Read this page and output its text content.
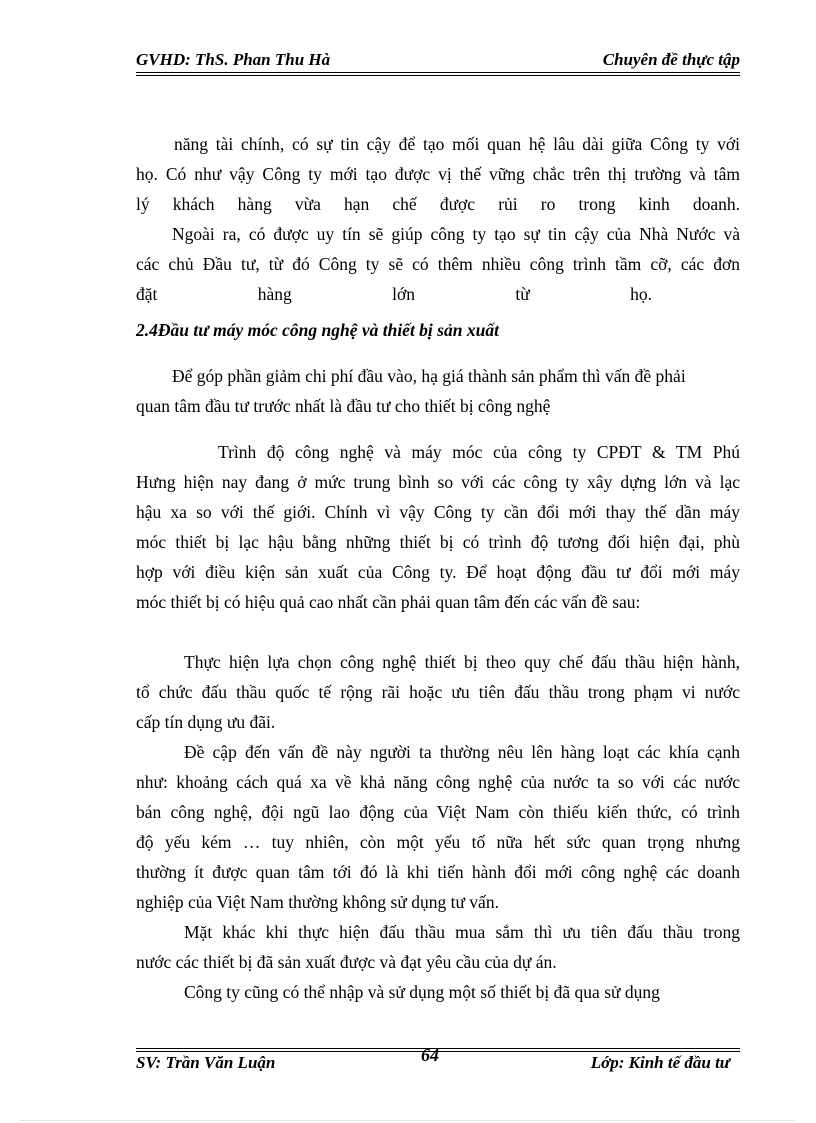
GVHD: ThS. Phan Thu Hà	Chuyên đề thực tập
năng tài chính, có sự tin cậy để tạo mối quan hệ lâu dài giữa Công ty với
họ. Có như vậy Công ty mới tạo được vị thế vững chắc trên thị trường và tâm
lý khách hàng vừa hạn chế được rủi ro trong kinh doanh.
Ngoài ra, có được uy tín sẽ giúp công ty tạo sự tin cậy của Nhà Nước và
các chủ Đầu tư, từ đó Công ty sẽ có thêm nhiều công trình tầm cỡ, các đơn
đặt hàng lớn từ họ.
2.4Đầu tư máy móc công nghệ và thiết bị sản xuất
Để góp phần giảm chi phí đầu vào, hạ giá thành sản phẩm thì vấn đề phải
quan tâm đầu tư trước nhất là đầu tư cho thiết bị công nghệ
Trình độ công nghệ và máy móc của công ty CPĐT & TM Phú
Hưng hiện nay đang ở mức trung bình so với các công ty xây dựng lớn và lạc
hậu xa so với thế giới. Chính vì vậy Công ty cần đổi mới thay thế dần máy
móc thiết bị lạc hậu bằng những thiết bị có trình độ tương đối hiện đại, phù
hợp với điều kiện sản xuất của Công ty. Để hoạt động đầu tư đổi mới máy
móc thiết bị có hiệu quả cao nhất cần phải quan tâm đến các vấn đề sau:
Thực hiện lựa chọn công nghệ thiết bị theo quy chế đấu thầu hiện hành,
tổ chức đấu thầu quốc tế rộng rãi hoặc ưu tiên đấu thầu trong phạm vi nước
cấp tín dụng ưu đãi.
Đề cập đến vấn đề này người ta thường nêu lên hàng loạt các khía cạnh
như: khoảng cách quá xa về khả năng công nghệ của nước ta so với các nước
bán công nghệ, đội ngũ lao động của Việt Nam còn thiếu kiến thức, có trình
độ yếu kém … tuy nhiên, còn một yếu tố nữa hết sức quan trọng nhưng
thường ít được quan tâm tới đó là khi tiến hành đổi mới công nghệ các doanh
nghiệp của Việt Nam thường không sử dụng tư vấn.
Mặt khác khi thực hiện đấu thầu mua sắm thì ưu tiên đấu thầu trong
nước các thiết bị đã sản xuất được và đạt yêu cầu của dự án.
Công ty cũng có thể nhập và sử dụng một số thiết bị đã qua sử dụng
64
SV: Trần Văn Luận	Lớp: Kinh tế đầu tư
